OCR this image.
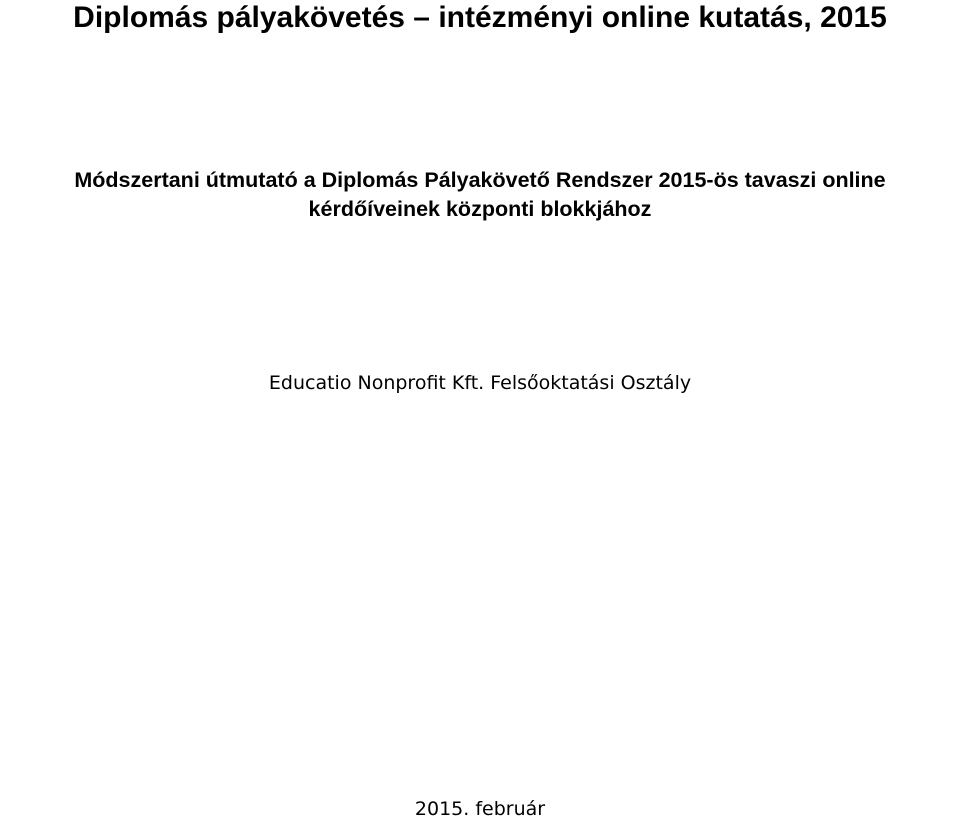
Diplomás pályakövetés – intézményi online kutatás, 2015
Módszertani útmutató a Diplomás Pályakövető Rendszer 2015-ös tavaszi online
kérdőíveinek központi blokkjához
Educatio Nonprofit Kft. Felsőoktatási Osztály
2015. február
